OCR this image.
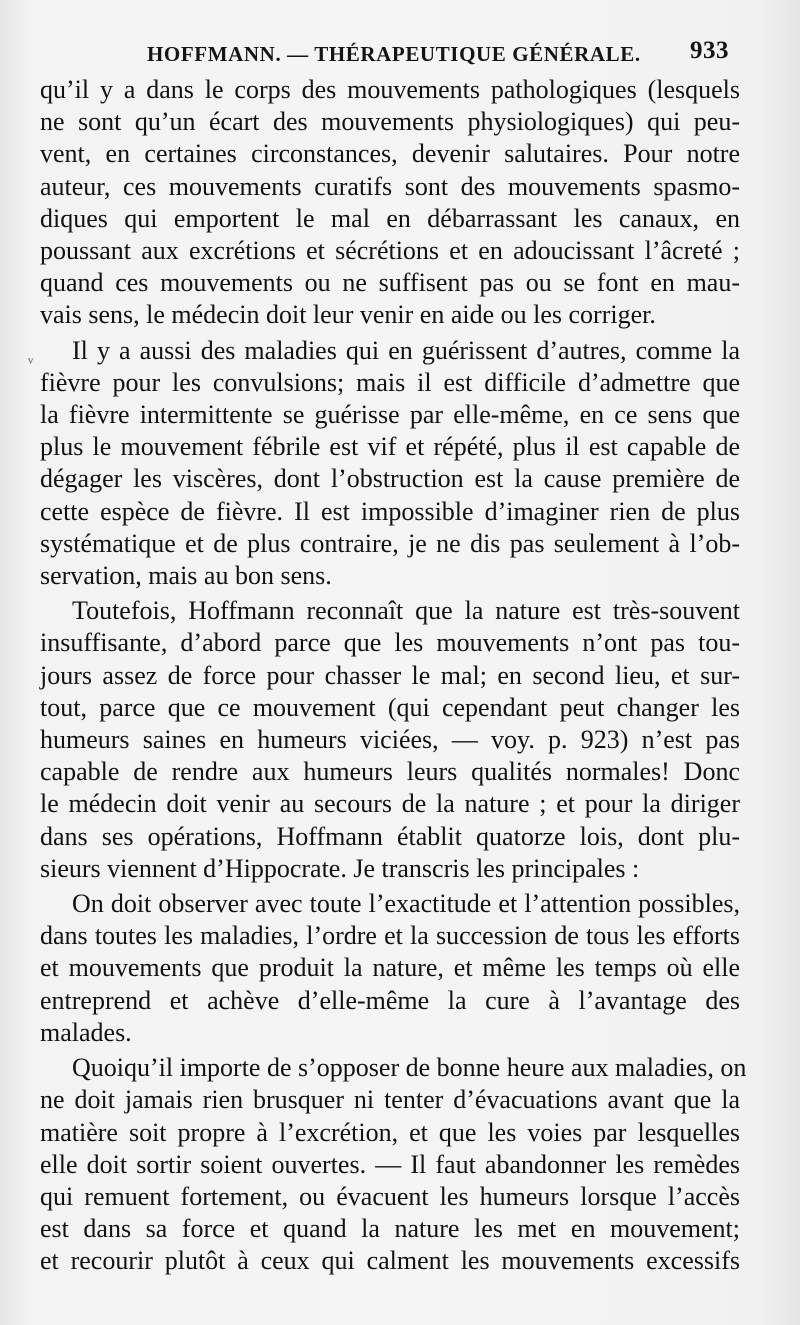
HOFFMANN. — THÉRAPEUTIQUE GÉNÉRALE. 933
ᵥ
qu’il y a dans le corps des mouvements pathologiques (lesquels
ne sont qu’un écart des mouvements physiologiques) qui peu-
vent, en certaines circonstances, devenir salutaires. Pour notre
auteur, ces mouvements curatifs sont des mouvements spasmo-
diques qui emportent le mal en débarrassant les canaux, en
poussant aux excrétions et sécrétions et en adoucissant l’âcreté ;
quand ces mouvements ou ne suffisent pas ou se font en mau-
vais sens, le médecin doit leur venir en aide ou les corriger.
Il y a aussi des maladies qui en guérissent d’autres, comme la
fièvre pour les convulsions; mais il est difficile d’admettre que
la fièvre intermittente se guérisse par elle-même, en ce sens que
plus le mouvement fébrile est vif et répété, plus il est capable de
dégager les viscères, dont l’obstruction est la cause première de
cette espèce de fièvre. Il est impossible d’imaginer rien de plus
systématique et de plus contraire, je ne dis pas seulement à l’ob-
servation, mais au bon sens.
Toutefois, Hoffmann reconnaît que la nature est très-souvent
insuffisante, d’abord parce que les mouvements n’ont pas tou-
jours assez de force pour chasser le mal; en second lieu, et sur-
tout, parce que ce mouvement (qui cependant peut changer les
humeurs saines en humeurs viciées, — voy. p. 923) n’est pas
capable de rendre aux humeurs leurs qualités normales! Donc
le médecin doit venir au secours de la nature ; et pour la diriger
dans ses opérations, Hoffmann établit quatorze lois, dont plu-
sieurs viennent d’Hippocrate. Je transcris les principales :
On doit observer avec toute l’exactitude et l’attention possibles,
dans toutes les maladies, l’ordre et la succession de tous les efforts
et mouvements que produit la nature, et même les temps où elle
entreprend et achève d’elle-même la cure à l’avantage des
malades.
Quoiqu’il importe de s’opposer de bonne heure aux maladies, on
ne doit jamais rien brusquer ni tenter d’évacuations avant que la
matière soit propre à l’excrétion, et que les voies par lesquelles
elle doit sortir soient ouvertes. — Il faut abandonner les remèdes
qui remuent fortement, ou évacuent les humeurs lorsque l’accès
est dans sa force et quand la nature les met en mouvement;
et recourir plutôt à ceux qui calment les mouvements excessifs
